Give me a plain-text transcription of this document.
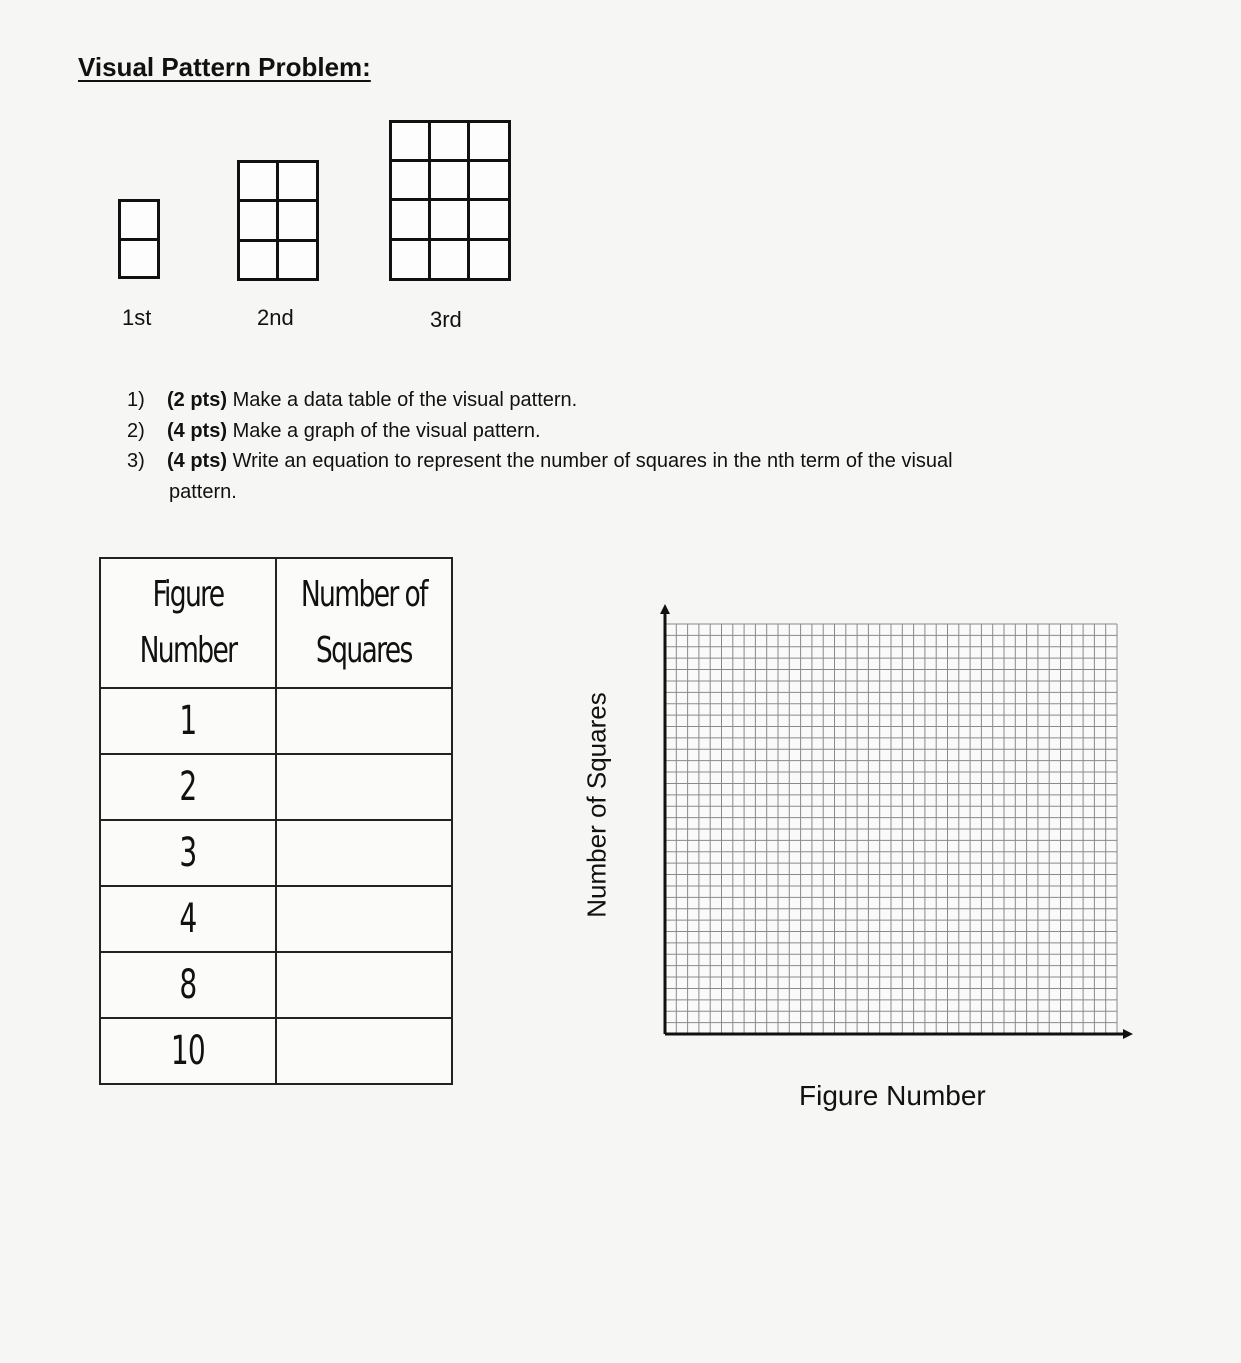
Visual Pattern Problem:
1st	2nd	3rd
1) (2 pts) Make a data table of the visual pattern.
2) (4 pts) Make a graph of the visual pattern.
3) (4 pts) Write an equation to represent the number of squares in the nth term of the visual
pattern.
Figure Number	Number of
Squares
1	
2	
3	
4	
8	
10	
Number of Squares
Figure Number
